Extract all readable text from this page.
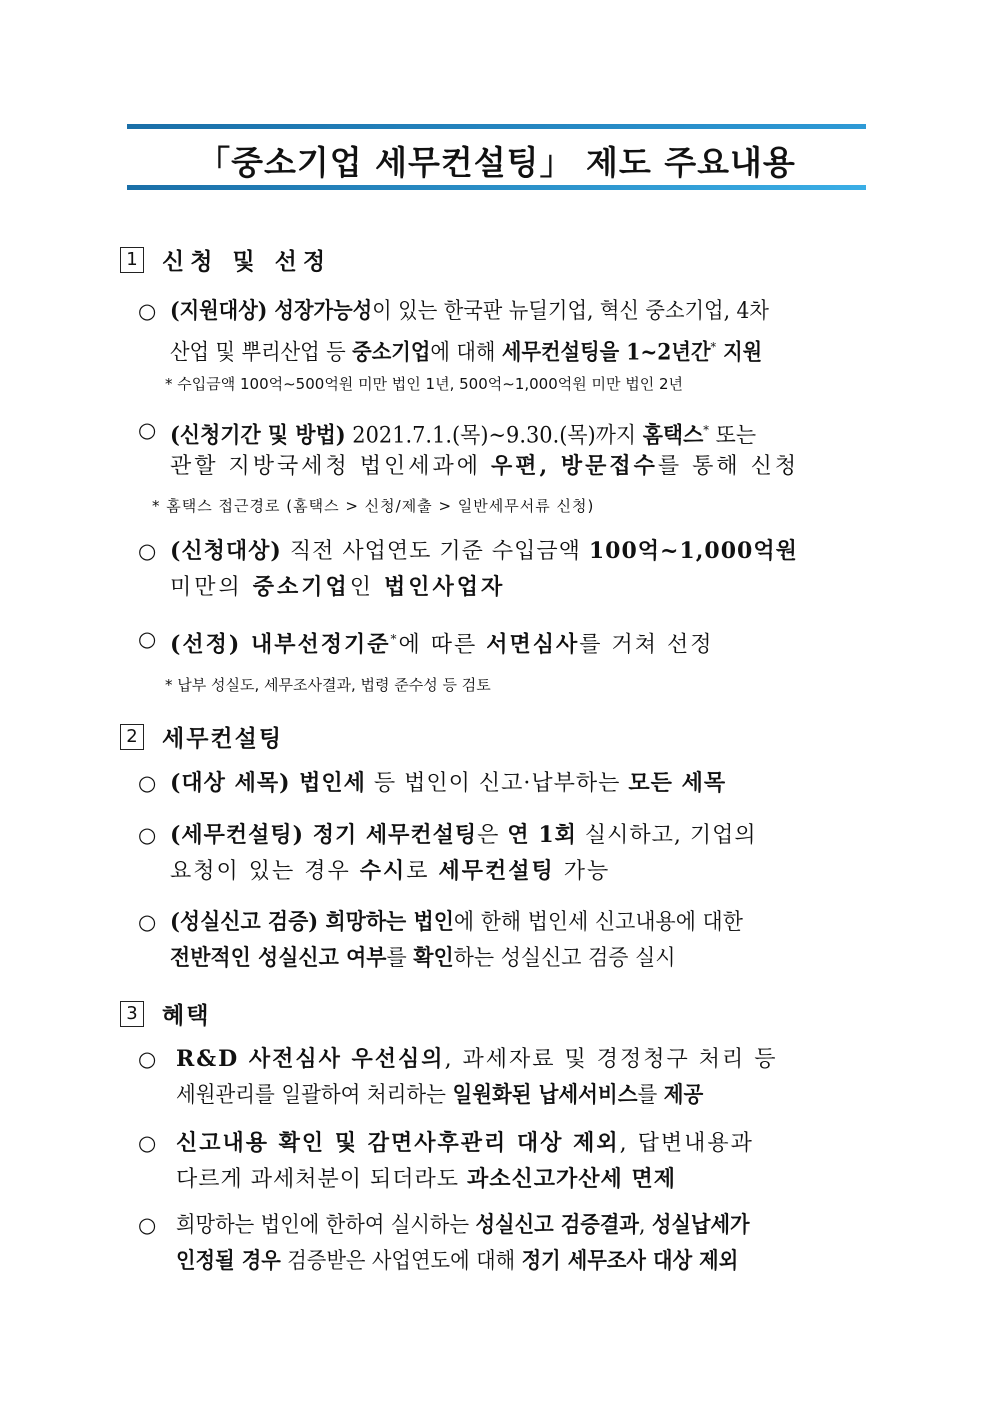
「중소기업 세무컨설팅」 제도 주요내용
1 신청 및 선정
○ (지원대상) 성장가능성이 있는 한국판 뉴딜기업, 혁신 중소기업, 4차
산업 및 뿌리산업 등 중소기업에 대해 세무컨설팅을 1~2년간* 지원
* 수입금액 100억∼500억원 미만 법인 1년, 500억∼1,000억원 미만 법인 2년
○ (신청기간 및 방법) 2021.7.1.(목)~9.30.(목)까지 홈택스* 또는
관할 지방국세청 법인세과에 우편, 방문접수를 통해 신청
* 홈택스 접근경로 (홈택스 > 신청/제출 > 일반세무서류 신청)
○ (신청대상) 직전 사업연도 기준 수입금액 100억~1,000억원
미만의 중소기업인 법인사업자
○ (선정) 내부선정기준*에 따른 서면심사를 거쳐 선정
* 납부 성실도, 세무조사결과, 법령 준수성 등 검토
2 세무컨설팅
○ (대상 세목) 법인세 등 법인이 신고·납부하는 모든 세목
○ (세무컨설팅) 정기 세무컨설팅은 연 1회 실시하고, 기업의
요청이 있는 경우 수시로 세무컨설팅 가능
○ (성실신고 검증) 희망하는 법인에 한해 법인세 신고내용에 대한
전반적인 성실신고 여부를 확인하는 성실신고 검증 실시
3 혜택
○ R&D 사전심사 우선심의, 과세자료 및 경정청구 처리 등
세원관리를 일괄하여 처리하는 일원화된 납세서비스를 제공
○ 신고내용 확인 및 감면사후관리 대상 제외, 답변내용과
다르게 과세처분이 되더라도 과소신고가산세 면제
○ 희망하는 법인에 한하여 실시하는 성실신고 검증결과, 성실납세가
인정될 경우 검증받은 사업연도에 대해 정기 세무조사 대상 제외
